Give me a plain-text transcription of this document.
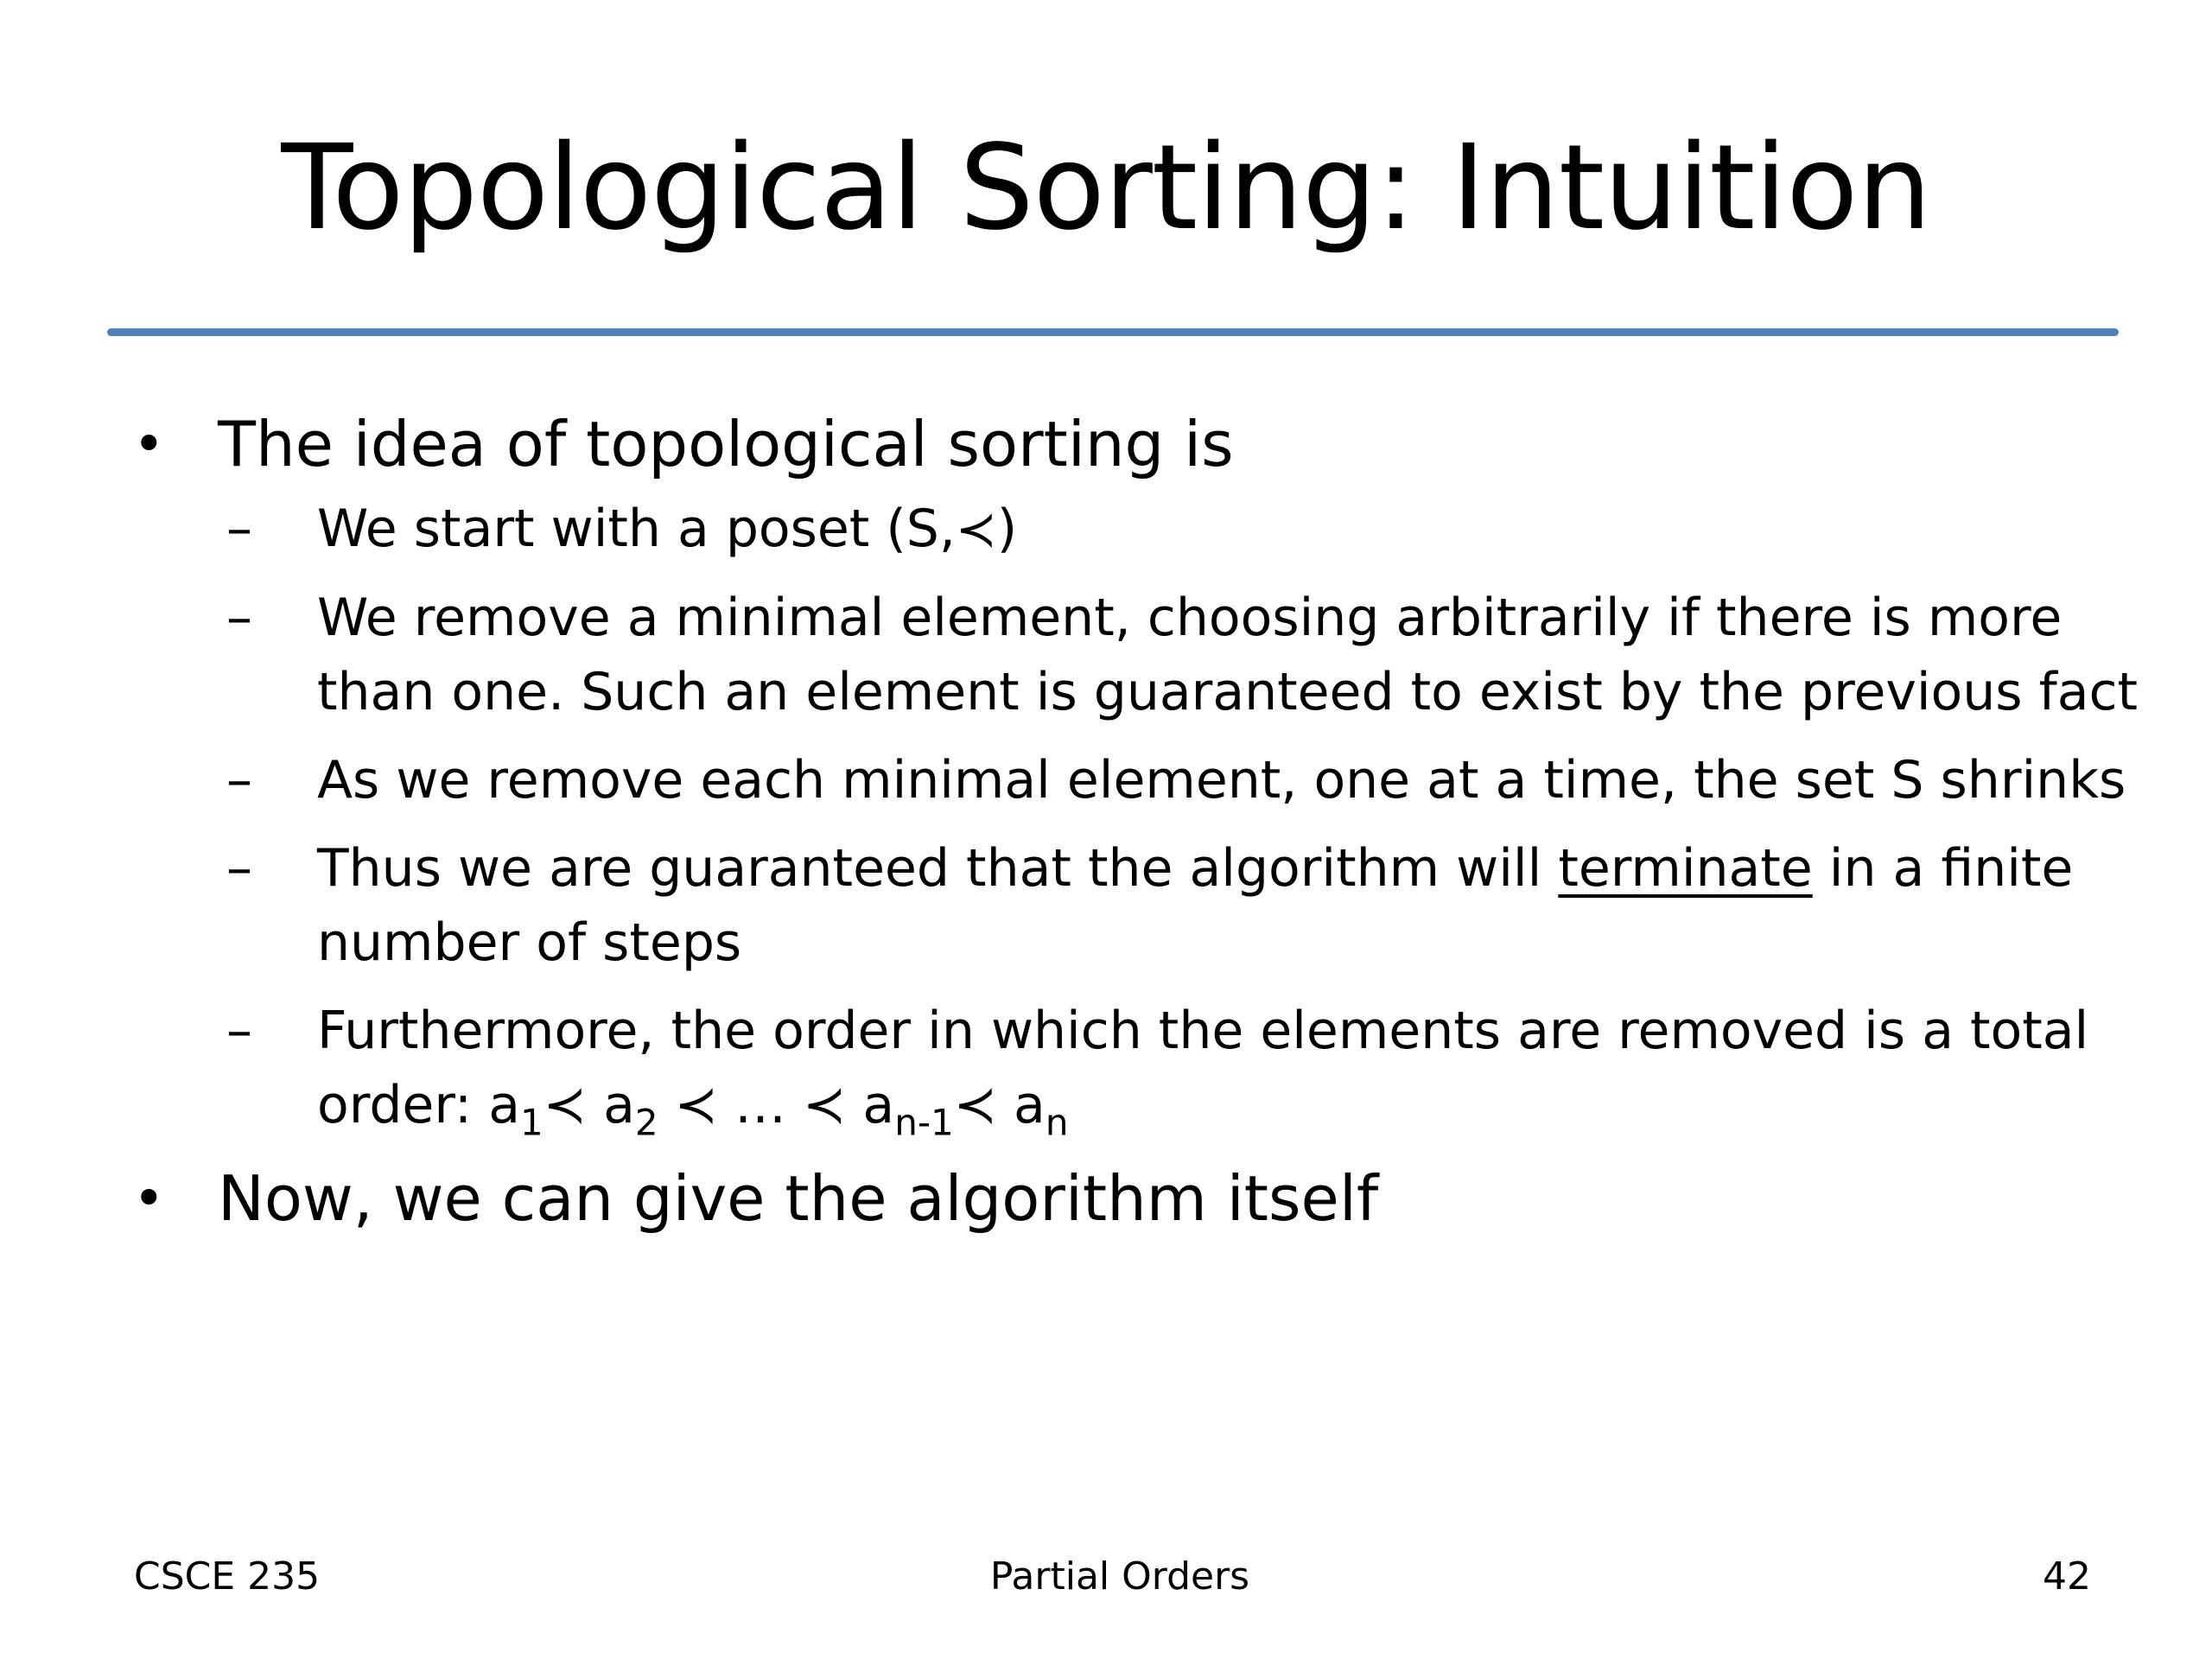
Topological Sorting: Intuition
• The idea of topological sorting is
– We start with a poset (S,≺)
– We remove a minimal element, choosing arbitrarily if there is more
than one. Such an element is guaranteed to exist by the previous fact
– As we remove each minimal element, one at a time, the set S shrinks
– Thus we are guaranteed that the algorithm will terminate in a finite
number of steps
– Furthermore, the order in which the elements are removed is a total
order: $a_1≺$ $a_2$ ≺ … ≺ $a_{n-1}≺$ $a_n$
• Now, we can give the algorithm itself
CSCE 235	Partial Orders	42
